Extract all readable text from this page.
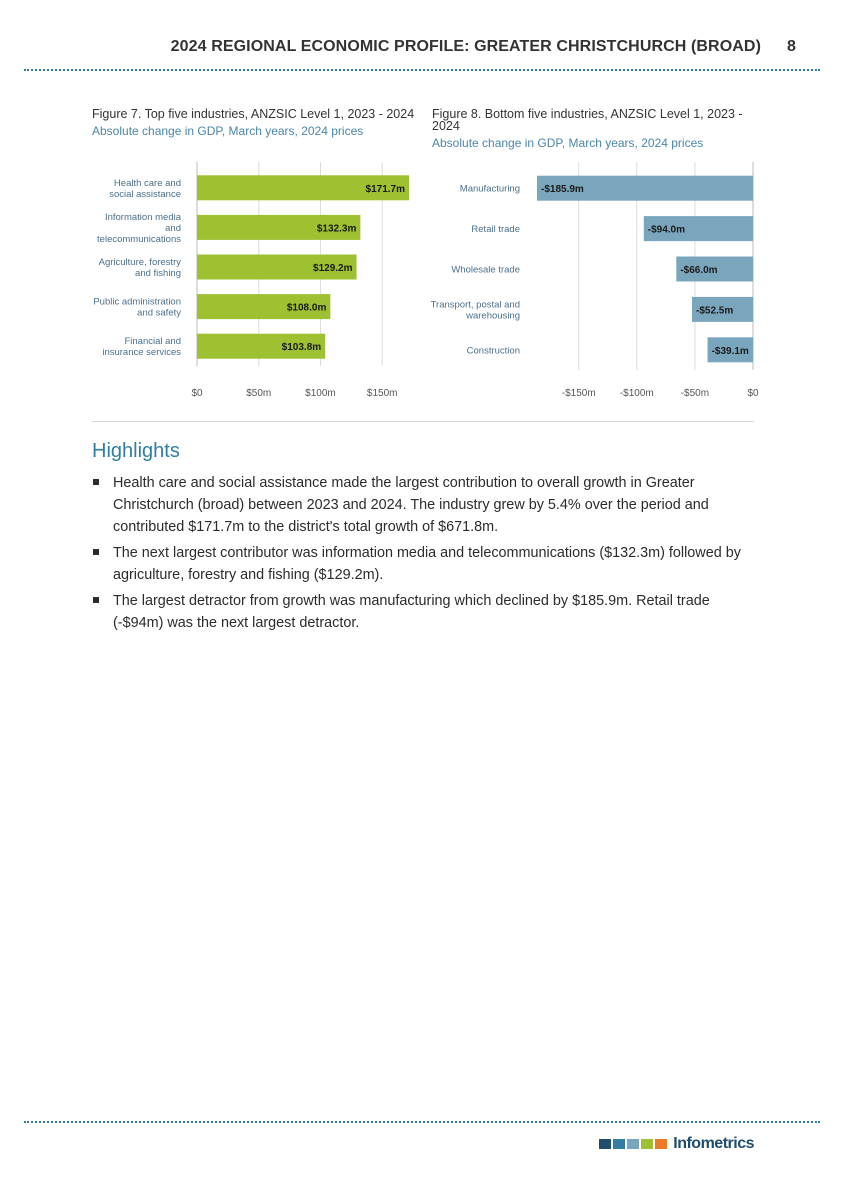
2024 REGIONAL ECONOMIC PROFILE: GREATER CHRISTCHURCH (BROAD) 8
Figure 7. Top five industries, ANZSIC Level 1, 2023 - 2024
Absolute change in GDP, March years, 2024 prices
Figure 8. Bottom five industries, ANZSIC Level 1, 2023 -
2024
Absolute change in GDP, March years, 2024 prices
$0	$50m	$100m	$150m
$171.7m
Health care and
social assistance
$132.3m
Information media
and
telecommunications
$129.2m
Agriculture, forestry
and fishing
$108.0m
Public administration
and safety
$103.8m
Financial and
insurance services
-$150m -$100m	-$50m	$0
-$185.9m
Manufacturing
-$94.0m
Retail trade
-$66.0m
Wholesale trade
-$52.5m
Transport, postal and
warehousing
-$39.1m
Construction
Highlights
Health care and social assistance made the largest contribution to overall growth in Greater Christchurch (broad) between 2023 and 2024. The industry grew by 5.4% over the period and contributed $171.7m to the district's total growth of $671.8m.
The next largest contributor was information media and telecommunications ($132.3m) followed by agriculture, forestry and fishing ($129.2m).
The largest detractor from growth was manufacturing which declined by $185.9m. Retail trade (-$94m) was the next largest detractor.
Infometrics
